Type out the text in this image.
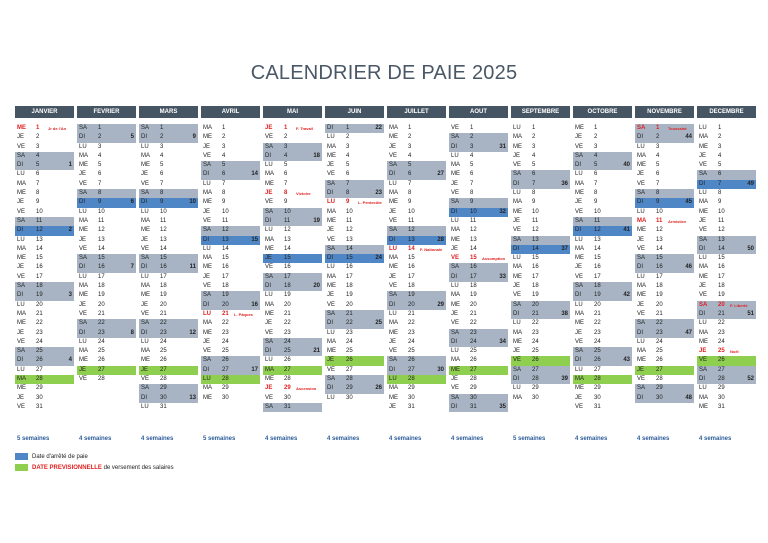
CALENDRIER DE PAIE 2025
JANVIER
ME 1 Jr de l'An
JE 2
VE 3
SA 4
DI 5	1
LU 6
MA 7
ME 8
JE 9
VE 10
SA 11
DI 12	2
LU 13
MA 14
ME 15
JE 16
VE 17
SA 18
DI 19	3
LU 20
MA 21
ME 22
JE 23
VE 24
SA 25
DI 26	4
LU 27
MA 28
ME 29
JE 30
VE 31
FEVRIER
SA 1
DI 2	5
LU 3
MA 4
ME 5
JE 6
VE 7
SA 8
DI 9	6
LU 10
MA 11
ME 12
JE 13
VE 14
SA 15
DI 16	7
LU 17
MA 18
ME 19
JE 20
VE 21
SA 22
DI 23	8
LU 24
MA 25
ME 26
JE 27
VE 28
MARS
SA 1
DI 2	9
LU 3
MA 4
ME 5
JE 6
VE 7
SA 8
DI 9	10
LU 10
MA 11
ME 12
JE 13
VE 14
SA 15
DI 16	11
LU 17
MA 18
ME 19
JE 20
VE 21
SA 22
DI 23	12
LU 24
MA 25
ME 26
JE 27
VE 28
SA 29
DI 30	13
LU 31
AVRIL
MA 1
ME 2
JE 3
VE 4
SA 5
DI 6	14
LU 7
MA 8
ME 9
JE 10
VE 11
SA 12
DI 13	15
LU 14
MA 15
ME 16
JE 17
VE 18
SA 19
DI 20	16
LU 21 L. Pâques
MA 22
ME 23
JE 24
VE 25
SA 26
DI 27	17
LU 28
MA 29
ME 30
MAI
JE 1 F. Travail
VE 2
SA 3
DI 4	18
LU 5
MA 6
ME 7
JE 8 Victoire
VE 9
SA 10
DI 11	19
LU 12
MA 13
ME 14
JE 15
VE 16
SA 17
DI 18	20
LU 19
MA 20
ME 21
JE 22
VE 23
SA 24
DI 25	21
LU 26
MA 27
ME 28
JE 29 Ascension
VE 30
SA 31
JUIN
DI 1	22
LU 2
MA 3
ME 4
JE 5
VE 6
SA 7
DI 8	23
LU 9 L. Pentecôte
MA 10
ME 11
JE 12
VE 13
SA 14
DI 15	24
LU 16
MA 17
ME 18
JE 19
VE 20
SA 21
DI 22	25
LU 23
MA 24
ME 25
JE 26
VE 27
SA 28
DI 29	26
LU 30
JUILLET
MA 1
ME 2
JE 3
VE 4
SA 5
DI 6	27
LU 7
MA 8
ME 9
JE 10
VE 11
SA 12
DI 13	28
LU 14 F. Nationale
MA 15
ME 16
JE 17
VE 18
SA 19
DI 20	29
LU 21
MA 22
ME 23
JE 24
VE 25
SA 26
DI 27	30
LU 28
MA 29
ME 30
JE 31
AOUT
VE 1
SA 2
DI 3	31
LU 4
MA 5
ME 6
JE 7
VE 8
SA 9
DI 10	32
LU 11
MA 12
ME 13
JE 14
VE 15 Assomption
SA 16
DI 17	33
LU 18
MA 19
ME 20
JE 21
VE 22
SA 23
DI 24	34
LU 25
MA 26
ME 27
JE 28
VE 29
SA 30
DI 31	35
SEPTEMBRE
LU 1
MA 2
ME 3
JE 4
VE 5
SA 6
DI 7	36
LU 8
MA 9
ME 10
JE 11
VE 12
SA 13
DI 14	37
LU 15
MA 16
ME 17
JE 18
VE 19
SA 20
DI 21	38
LU 22
MA 23
ME 24
JE 25
VE 26
SA 27
DI 28	39
LU 29
MA 30
OCTOBRE
ME 1
JE 2
VE 3
SA 4
DI 5	40
LU 6
MA 7
ME 8
JE 9
VE 10
SA 11
DI 12	41
LU 13
MA 14
ME 15
JE 16
VE 17
SA 18
DI 19	42
LU 20
MA 21
ME 22
JE 23
VE 24
SA 25
DI 26	43
LU 27
MA 28
ME 29
JE 30
VE 31
NOVEMBRE
SA 1 Toussaint
DI 2	44
LU 3
MA 4
ME 5
JE 6
VE 7
SA 8
DI 9	45
LU 10
MA 11 Armistice
ME 12
JE 13
VE 14
SA 15
DI 16	46
LU 17
MA 18
ME 19
JE 20
VE 21
SA 22
DI 23	47
LU 24
MA 25
ME 26
JE 27
VE 28
SA 29
DI 30	48
DECEMBRE
LU 1
MA 2
ME 3
JE 4
VE 5
SA 6
DI 7	49
LU 8
MA 9
ME 10
JE 11
VE 12
SA 13
DI 14	50
LU 15
MA 16
ME 17
JE 18
VE 19
SA 20 F. Liberté
DI 21	51
LU 22
MA 23
ME 24
JE 25 Noël
VE 26
SA 27
DI 28	52
LU 29
MA 30
ME 31
5 semaines	4 semaines	4 semaines	5 semaines	4 semaines	4 semaines	4 semaines	4 semaines	5 semaines	4 semaines	4 semaines	4 semaines
Date d'arrêté de paie
DATE PREVISIONNELLE de versement des salaires
